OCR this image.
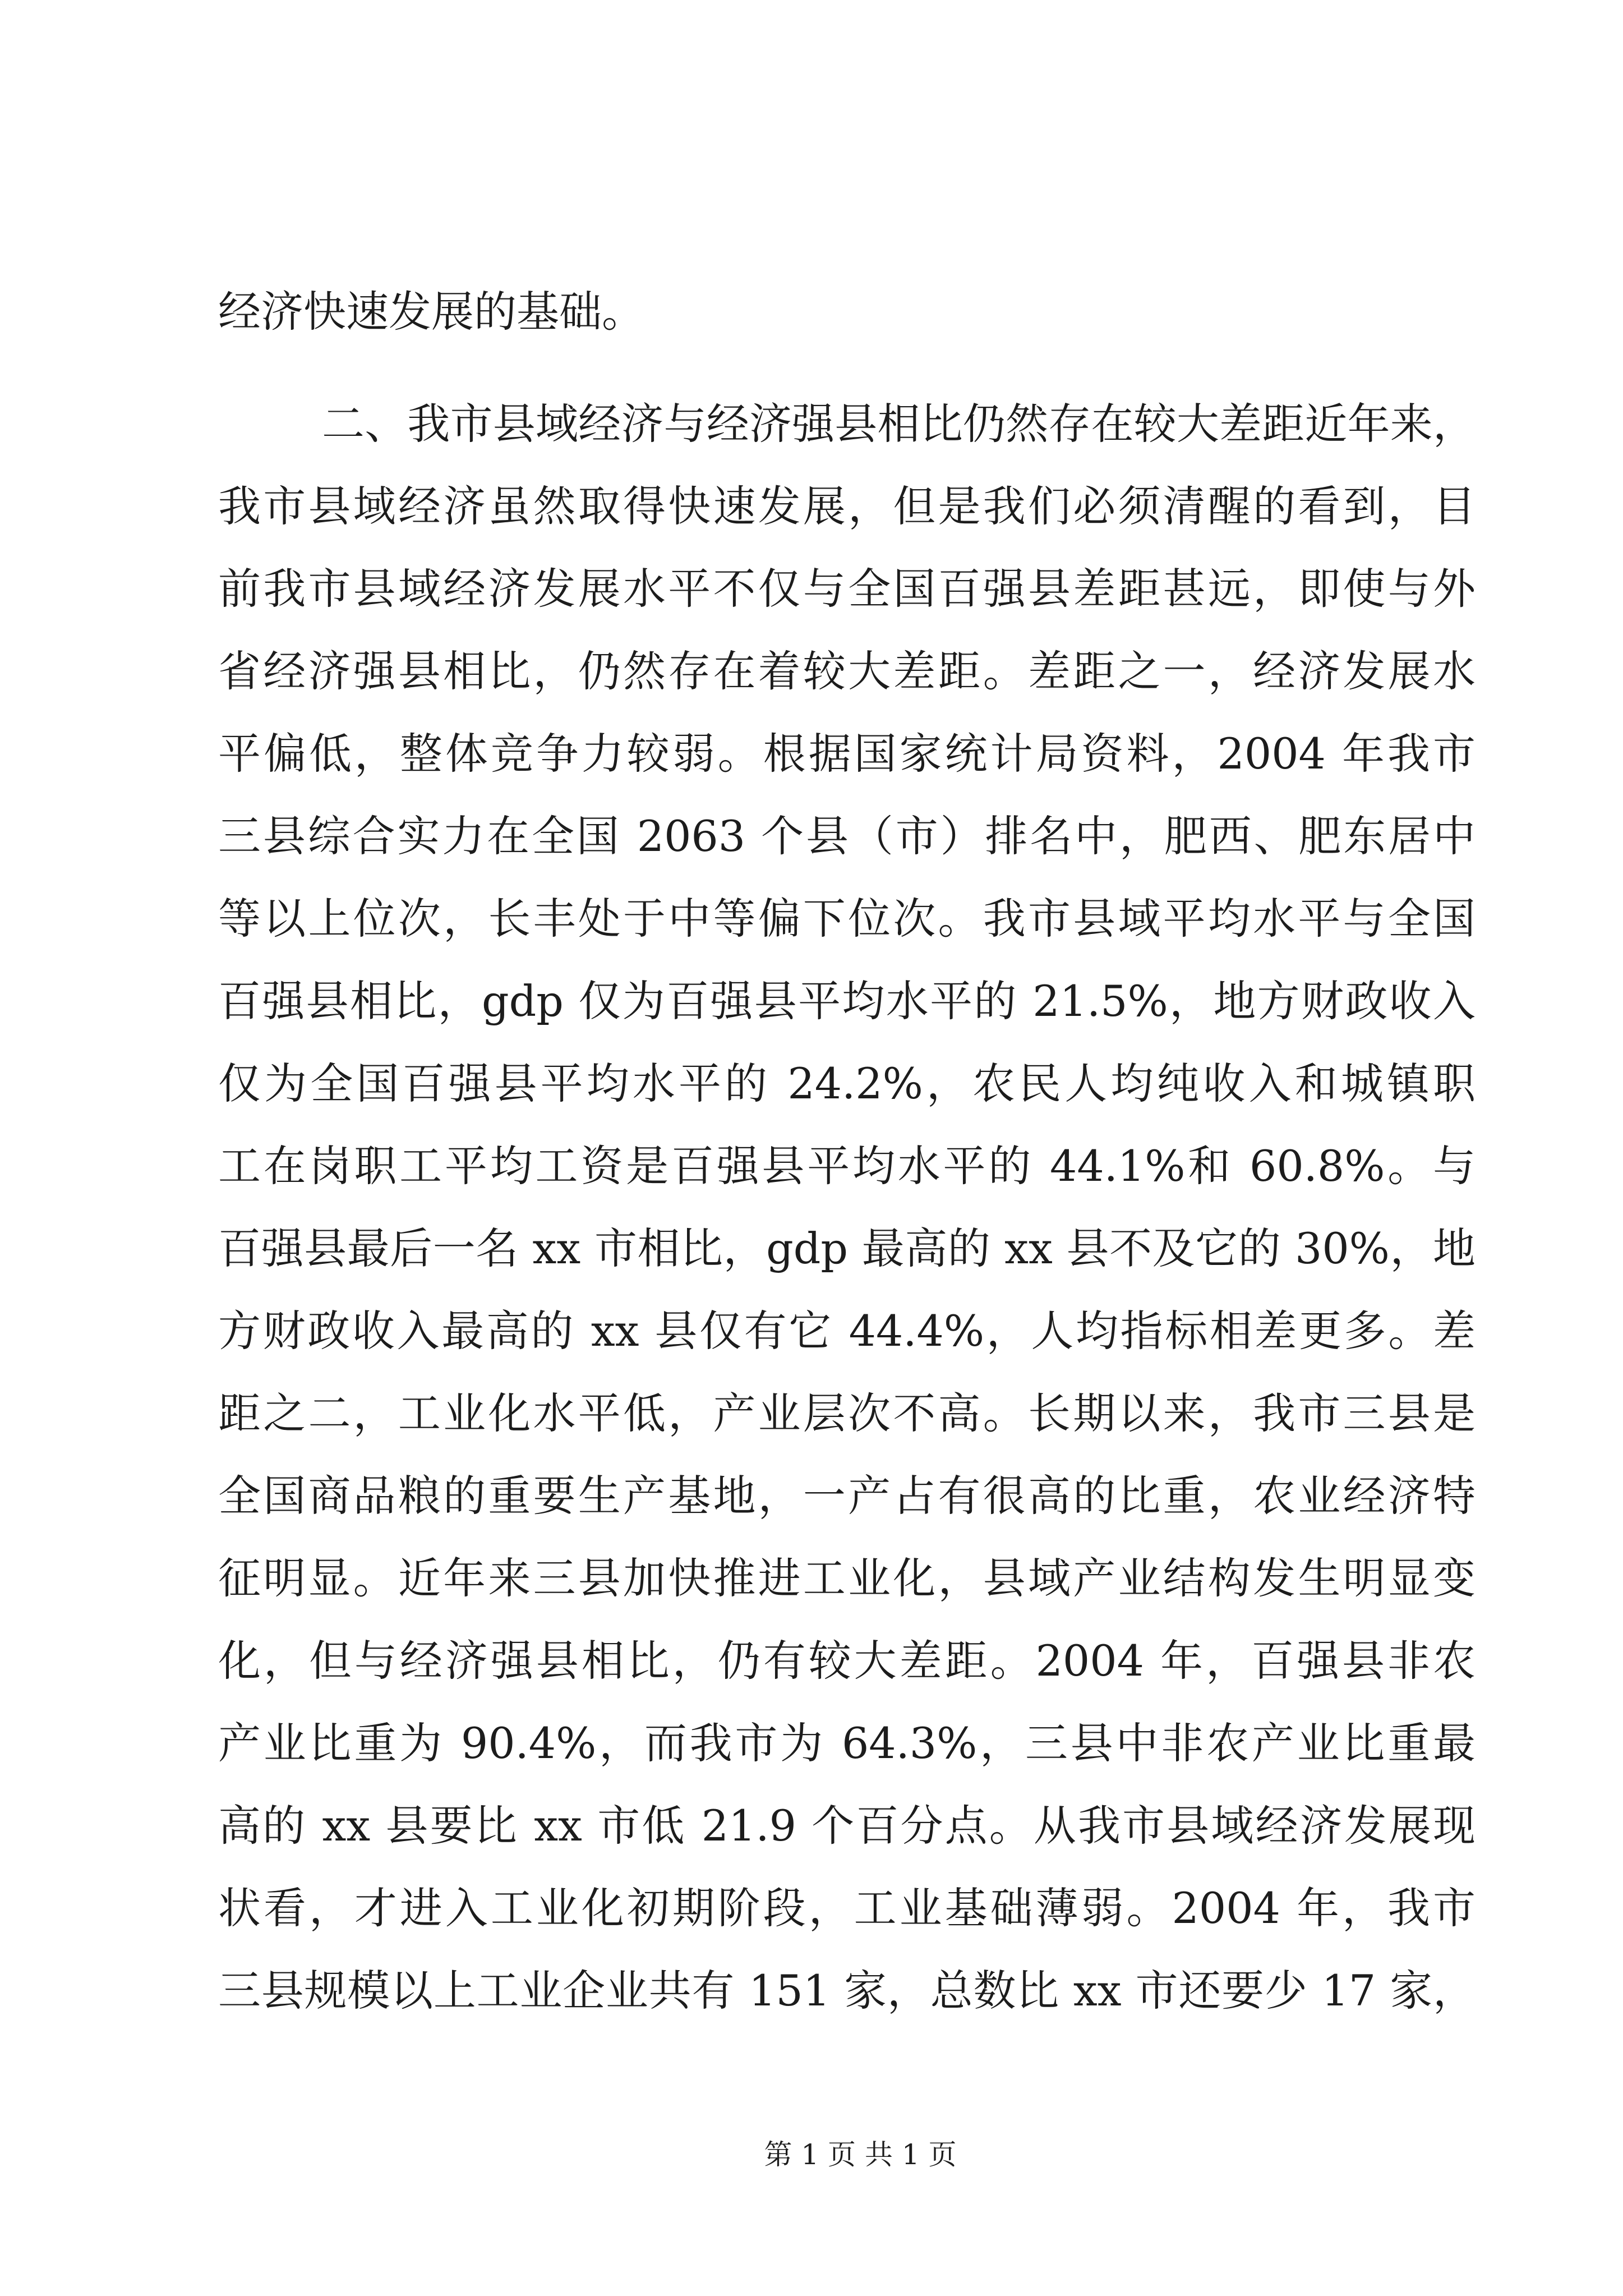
经济快速发展的基础。
二、我市县域经济与经济强县相比仍然存在较大差距近年来，
我市县域经济虽然取得快速发展，但是我们必须清醒的看到，目
前我市县域经济发展水平不仅与全国百强县差距甚远，即使与外
省经济强县相比，仍然存在着较大差距。差距之一，经济发展水
平偏低，整体竞争力较弱。根据国家统计局资料，2004 年我市
三县综合实力在全国 2063 个县（市）排名中，肥西、肥东居中
等以上位次，长丰处于中等偏下位次。我市县域平均水平与全国
百强县相比，gdp 仅为百强县平均水平的 21.5%，地方财政收入
仅为全国百强县平均水平的 24.2%，农民人均纯收入和城镇职
工在岗职工平均工资是百强县平均水平的 44.1%和 60.8%。与
百强县最后一名 xx 市相比，gdp 最高的 xx 县不及它的 30%，地
方财政收入最高的 xx 县仅有它 44.4%，人均指标相差更多。差
距之二，工业化水平低，产业层次不高。长期以来，我市三县是
全国商品粮的重要生产基地，一产占有很高的比重，农业经济特
征明显。近年来三县加快推进工业化，县域产业结构发生明显变
化，但与经济强县相比，仍有较大差距。2004 年，百强县非农
产业比重为 90.4%，而我市为 64.3%，三县中非农产业比重最
高的 xx 县要比 xx 市低 21.9 个百分点。从我市县域经济发展现
状看，才进入工业化初期阶段，工业基础薄弱。2004 年，我市
三县规模以上工业企业共有 151 家，总数比 xx 市还要少 17 家，
第 1 页 共 1 页
